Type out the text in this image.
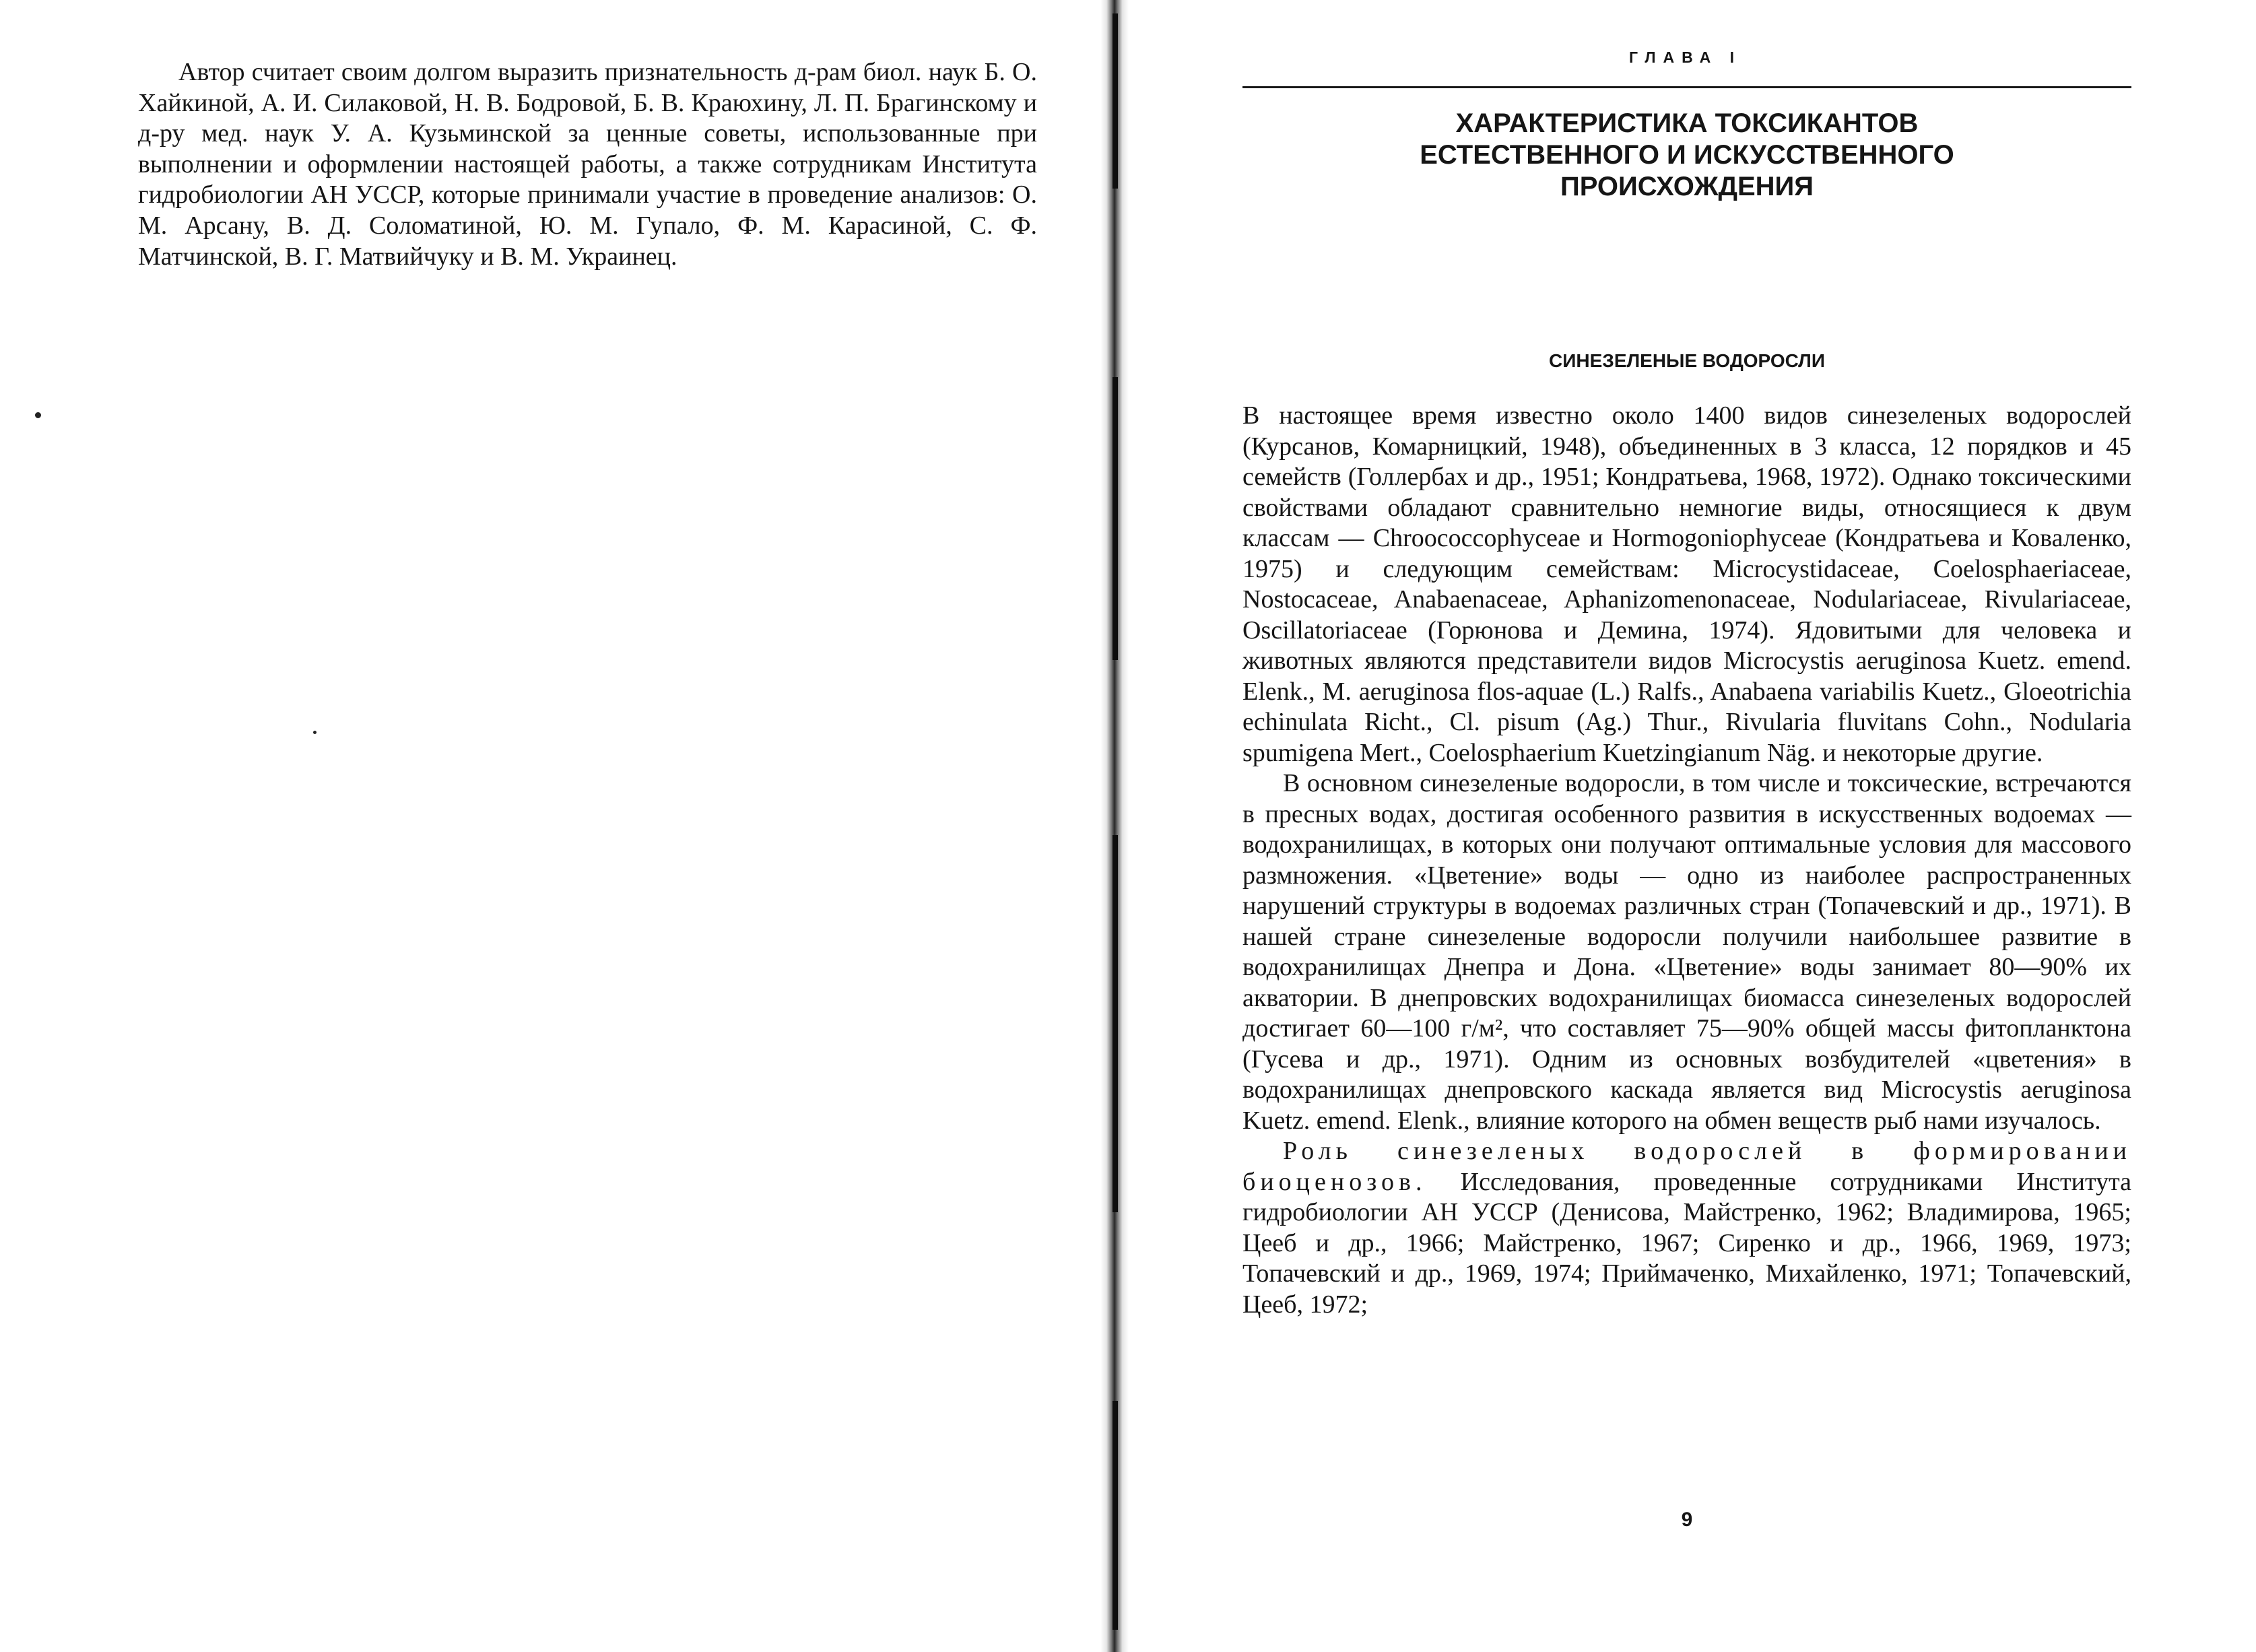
Автор считает своим долгом выразить признательность д-рам биол. наук Б. О. Хайкиной, А. И. Силаковой, Н. В. Бодровой, Б. В. Краюхину, Л. П. Брагинскому и д-ру мед. наук У. А. Кузьминской за ценные советы, использованные при выполнении и оформлении настоящей работы, а также сотрудникам Института гидробиологии АН УССР, которые принимали участие в проведение анализов: О. М. Арсану, В. Д. Соломатиной, Ю. М. Гупало, Ф. М. Карасиной, С. Ф. Матчинской, В. Г. Матвийчуку и В. М. Украинец.

ГЛАВА I
ХАРАКТЕРИСТИКА ТОКСИКАНТОВ
ЕСТЕСТВЕННОГО И ИСКУССТВЕННОГО
ПРОИСХОЖДЕНИЯ
СИНЕЗЕЛЕНЫЕ ВОДОРОСЛИ

В настоящее время известно около 1400 видов синезеленых водорослей (Курсанов, Комарницкий, 1948), объединенных в 3 класса, 12 порядков и 45 семейств (Голлербах и др., 1951; Кондратьева, 1968, 1972). Однако токсическими свойствами обладают сравнительно немногие виды, относящиеся к двум классам — Chroococcophyceae и Hormogoniophyceae (Кондратьева и Коваленко, 1975) и следующим семействам: Microcystidaceae, Coelosphaeriaceae, Nostocaceae, Anabaenaceae, Aphanizomenonaceae, Nodulariaceae, Rivulariaceae, Oscillatoriaceae (Горюнова и Демина, 1974). Ядовитыми для человека и животных являются представители видов Microcystis aeruginosa Kuetz. emend. Elenk., M. aeruginosa flos-aquae (L.) Ralfs., Anabaena variabilis Kuetz., Gloeotrichia echinulata Richt., Cl. pisum (Ag.) Thur., Rivularia fluvitans Cohn., Nodularia spumigena Mert., Coelosphaerium Kuetzingianum Näg. и некоторые другие.

В основном синезеленые водоросли, в том числе и токсические, встречаются в пресных водах, достигая особенного развития в искусственных водоемах — водохранилищах, в которых они получают оптимальные условия для массового размножения. «Цветение» воды — одно из наиболее распространенных нарушений структуры в водоемах различных стран (Топачевский и др., 1971). В нашей стране синезеленые водоросли получили наибольшее развитие в водохранилищах Днепра и Дона. «Цветение» воды занимает 80—90% их акватории. В днепровских водохранилищах биомасса синезеленых водорослей достигает 60—100 г/м², что составляет 75—90% общей массы фитопланктона (Гусева и др., 1971). Одним из основных возбудителей «цветения» в водохранилищах днепровского каскада является вид Microcystis aeruginosa Kuetz. emend. Elenk., влияние которого на обмен веществ рыб нами изучалось.

Роль синезеленых водорослей в формировании биоценозов. Исследования, проведенные сотрудниками Института гидробиологии АН УССР (Денисова, Майстренко, 1962; Владимирова, 1965; Цееб и др., 1966; Майстренко, 1967; Сиренко и др., 1966, 1969, 1973; Топачевский и др., 1969, 1974; Приймаченко, Михайленко, 1971; Топачевский, Цееб, 1972;

9
